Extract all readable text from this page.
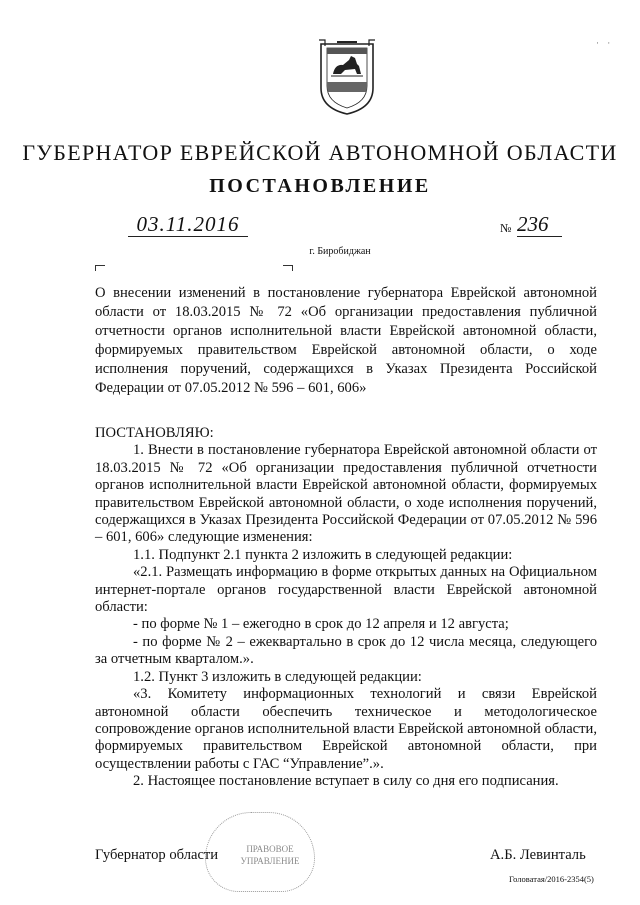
· ·
ГУБЕРНАТОР ЕВРЕЙСКОЙ АВТОНОМНОЙ ОБЛАСТИ
ПОСТАНОВЛЕНИЕ
03.11.2016	№ 236
г. Биробиджан
О внесении изменений в постановление губернатора Еврейской автономной области от 18.03.2015 № 72 «Об организации предоставления публичной отчетности органов исполнительной власти Еврейской автономной области, формируемых правительством Еврейской автономной области, о ходе исполнения поручений, содержащихся в Указах Президента Российской Федерации от 07.05.2012 № 596 – 601, 606»

ПОСТАНОВЛЯЮ:

1. Внести в постановление губернатора Еврейской автономной области от 18.03.2015 № 72 «Об организации предоставления публичной отчетности органов исполнительной власти Еврейской автономной области, формируемых правительством Еврейской автономной области, о ходе исполнения поручений, содержащихся в Указах Президента Российской Федерации от 07.05.2012 № 596 – 601, 606» следующие изменения:

1.1. Подпункт 2.1 пункта 2 изложить в следующей редакции:

«2.1. Размещать информацию в форме открытых данных на Официальном интернет-портале органов государственной власти Еврейской автономной области:

- по форме № 1 – ежегодно в срок до 12 апреля и 12 августа;

- по форме № 2 – ежеквартально в срок до 12 числа месяца, следующего за отчетным кварталом.».

1.2. Пункт 3 изложить в следующей редакции:

«3. Комитету информационных технологий и связи Еврейской автономной области обеспечить техническое и методологическое сопровождение органов исполнительной власти Еврейской автономной области, формируемых правительством Еврейской автономной области, при осуществлении работы с ГАС “Управление”.».

2. Настоящее постановление вступает в силу со дня его подписания.

ПРАВОВОЕ УПРАВЛЕНИЕ
Губернатор области	А.Б. Левинталь
Головатая/2016-2354(5)
